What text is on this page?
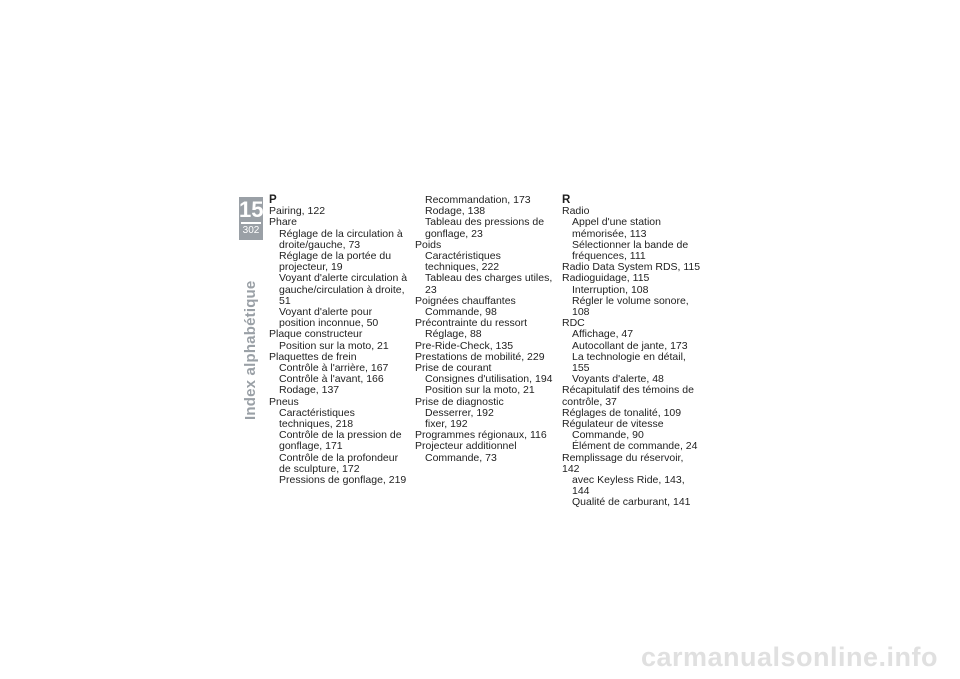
15
302
Index alphabétique
P
Pairing, 122
Phare
Réglage de la circulation à droite/gauche, 73
Réglage de la portée du projecteur, 19
Voyant d'alerte circulation à gauche/circulation à droite, 51
Voyant d'alerte pour position inconnue, 50
Plaque constructeur
Position sur la moto, 21
Plaquettes de frein
Contrôle à l'arrière, 167
Contrôle à l'avant, 166
Rodage, 137
Pneus
Caractéristiques techniques, 218
Contrôle de la pression de gonflage, 171
Contrôle de la profondeur de sculpture, 172
Pressions de gonflage, 219
Recommandation, 173
Rodage, 138
Tableau des pressions de gonflage, 23
Poids
Caractéristiques techniques, 222
Tableau des charges utiles, 23
Poignées chauffantes
Commande, 98
Précontrainte du ressort
Réglage, 88
Pre-Ride-Check, 135
Prestations de mobilité, 229
Prise de courant
Consignes d'utilisation, 194
Position sur la moto, 21
Prise de diagnostic
Desserrer, 192
fixer, 192
Programmes régionaux, 116
Projecteur additionnel
Commande, 73
R
Radio
Appel d'une station mémorisée, 113
Sélectionner la bande de fréquences, 111
Radio Data System RDS, 115
Radioguidage, 115
Interruption, 108
Régler le volume sonore, 108
RDC
Affichage, 47
Autocollant de jante, 173
La technologie en détail, 155
Voyants d'alerte, 48
Récapitulatif des témoins de contrôle, 37
Réglages de tonalité, 109
Régulateur de vitesse
Commande, 90
Élément de commande, 24
Remplissage du réservoir, 142
avec Keyless Ride, 143, 144
Qualité de carburant, 141
carmanualsonline.info
